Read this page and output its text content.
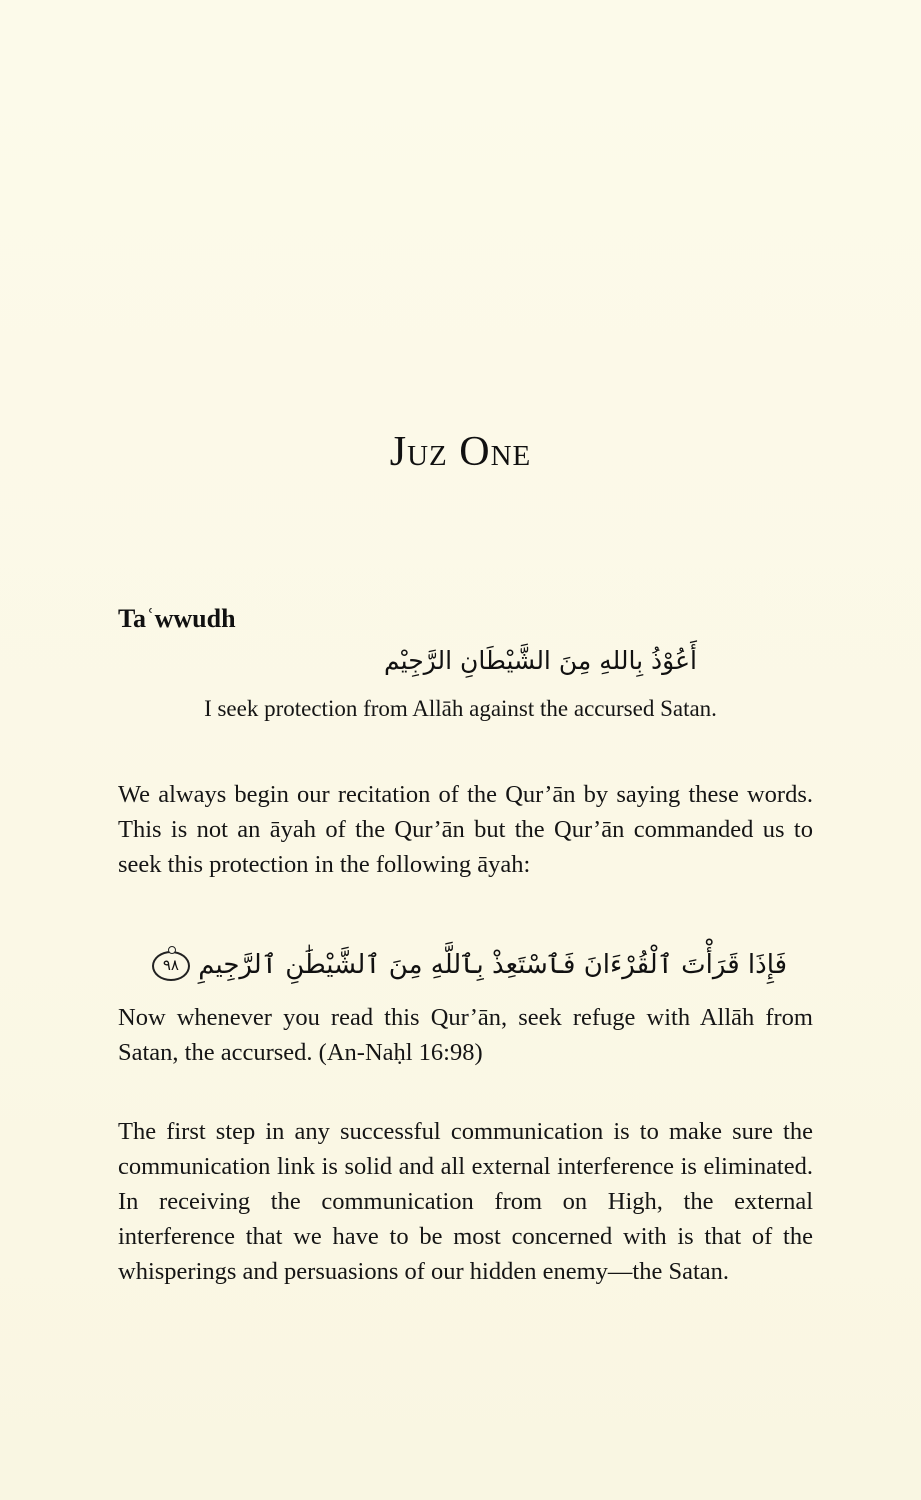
Juz One
Taʿwwudh
أَعُوْذُ بِاللهِ مِنَ الشَّيْطَانِ الرَّجِيْم
I seek protection from Allāh against the accursed Satan.

We always begin our recitation of the Qur’ān by saying these words. This is not an āyah of the Qur’ān but the Qur’ān commanded us to seek this protection in the following āyah:

فَإِذَا قَرَأْتَ ٱلْقُرْءَانَ فَٱسْتَعِذْ بِٱللَّهِ مِنَ ٱلشَّيْطَٰنِ ٱلرَّجِيمِ ٩٨

Now whenever you read this Qur’ān, seek refuge with Allāh from Satan, the accursed. (An-Naḥl 16:98)

The first step in any successful communication is to make sure the communication link is solid and all external interference is eliminated. In receiving the communication from on High, the external interference that we have to be most concerned with is that of the whisperings and persuasions of our hidden enemy—the Satan.
